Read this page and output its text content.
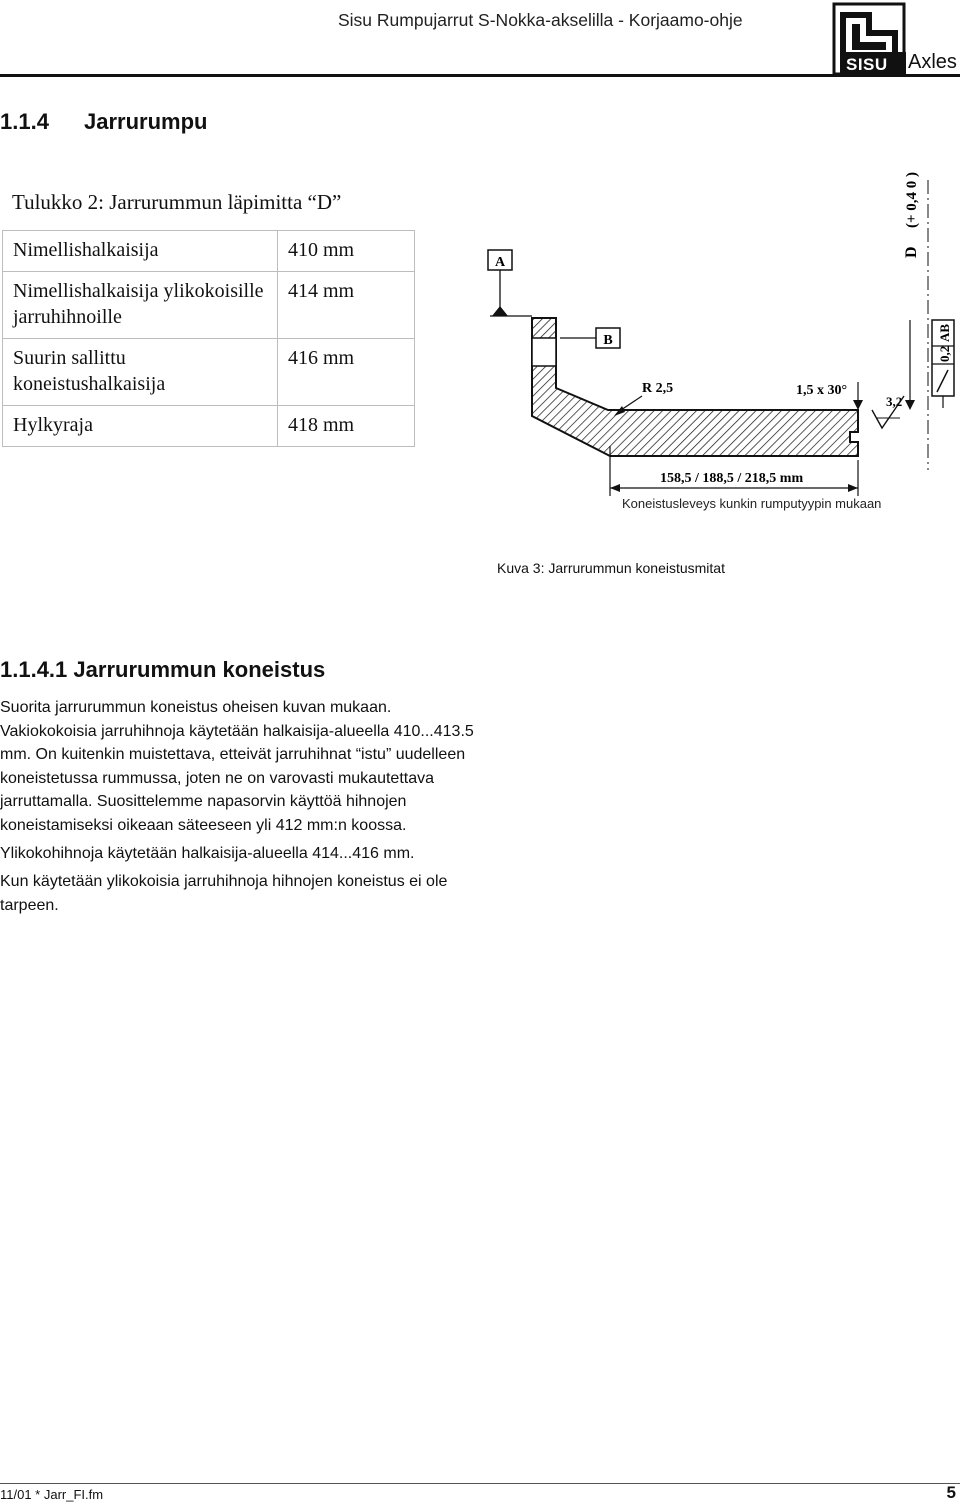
Sisu Rumpujarrut S-Nokka-akselilla - Korjaamo-ohje
SISU Axles
1.1.4 Jarrurumpu
Tulukko 2: Jarrurummun läpimitta “D”
Nimellishalkaisija	410 mm
Nimellishalkaisija ylikokoisille jarruhihnoille	414 mm
Suurin sallittu koneistushalkaisija	416 mm
Hylkyraja	418 mm
A
B
D
(+ 0,4 0 )
0,2
AB
R 2,5	1,5 x 30°
3,2
158,5 / 188,5 / 218,5 mm
Koneistusleveys kunkin rumputyypin mukaan
Kuva 3: Jarrurummun koneistusmitat
1.1.4.1 Jarrurummun koneistus
Suorita jarrurummun koneistus oheisen kuvan mukaan. Vakiokokoisia jarruhihnoja käytetään halkaisija-alueella 410...413.5 mm. On kuitenkin muistettava, etteivät jarruhihnat “istu” uudelleen koneistetussa rummussa, joten ne on varovasti mukautettava jarruttamalla. Suosittelemme napasorvin käyttöä hihnojen koneistamiseksi oikeaan säteeseen yli 412 mm:n koossa.
Ylikokohihnoja käytetään halkaisija-alueella 414...416 mm.
Kun käytetään ylikokoisia jarruhihnoja hihnojen koneistus ei ole tarpeen.
11/01 * Jarr_FI.fm	5
